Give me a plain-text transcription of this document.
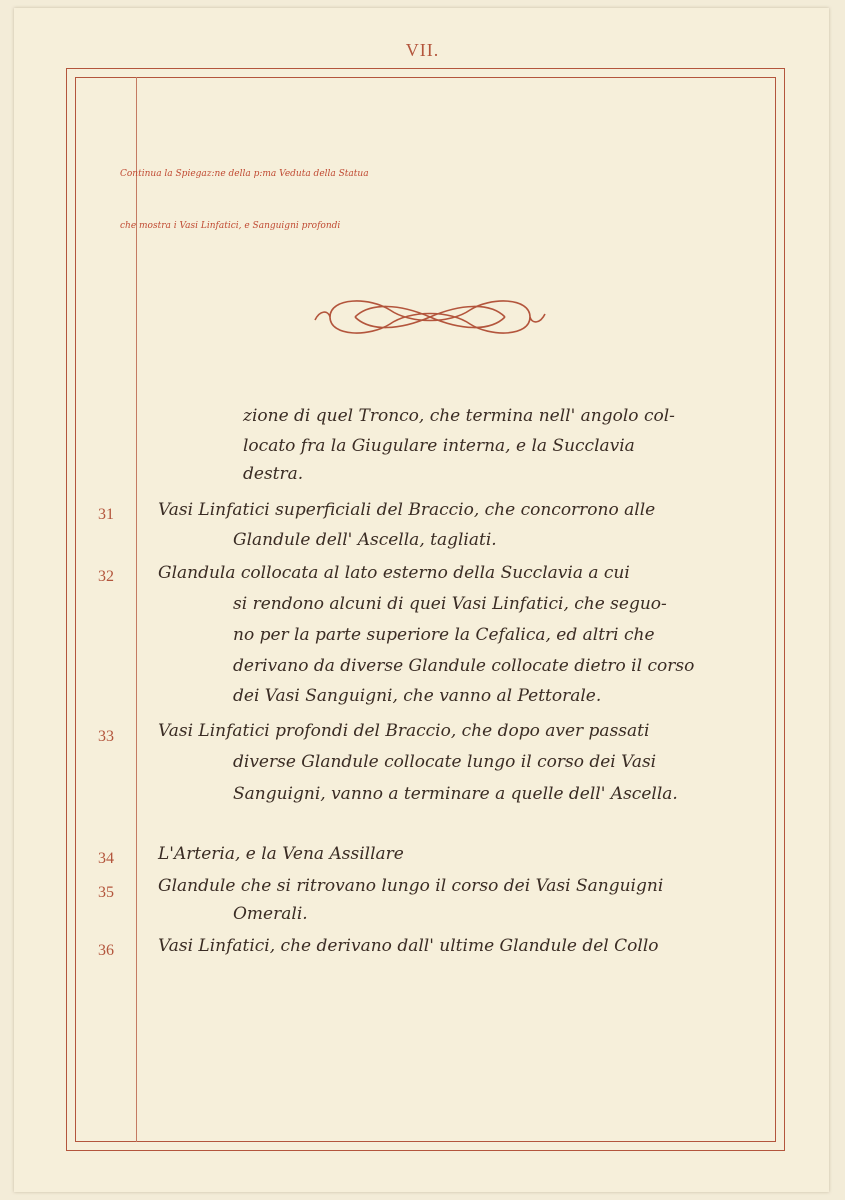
VII.
Continua la Spiegaz:ne della p:ma Veduta della Statua
che mostra i Vasi Linfatici, e Sanguigni profondi
zione di quel Tronco, che termina nell' angolo col-
locato fra la Giugulare interna, e la Succlavia
destra.
31	Vasi Linfatici superficiali del Braccio, che concorrono alle
Glandule dell' Ascella, tagliati.
32	Glandula collocata al lato esterno della Succlavia a cui
si rendono alcuni di quei Vasi Linfatici, che seguo-
no per la parte superiore la Cefalica, ed altri che
derivano da diverse Glandule collocate dietro il corso
dei Vasi Sanguigni, che vanno al Pettorale.
33	Vasi Linfatici profondi del Braccio, che dopo aver passati
diverse Glandule collocate lungo il corso dei Vasi
Sanguigni, vanno a terminare a quelle dell' Ascella.
34	L'Arteria, e la Vena Assillare
35	Glandule che si ritrovano lungo il corso dei Vasi Sanguigni
Omerali.
36	Vasi Linfatici, che derivano dall' ultime Glandule del Collo
